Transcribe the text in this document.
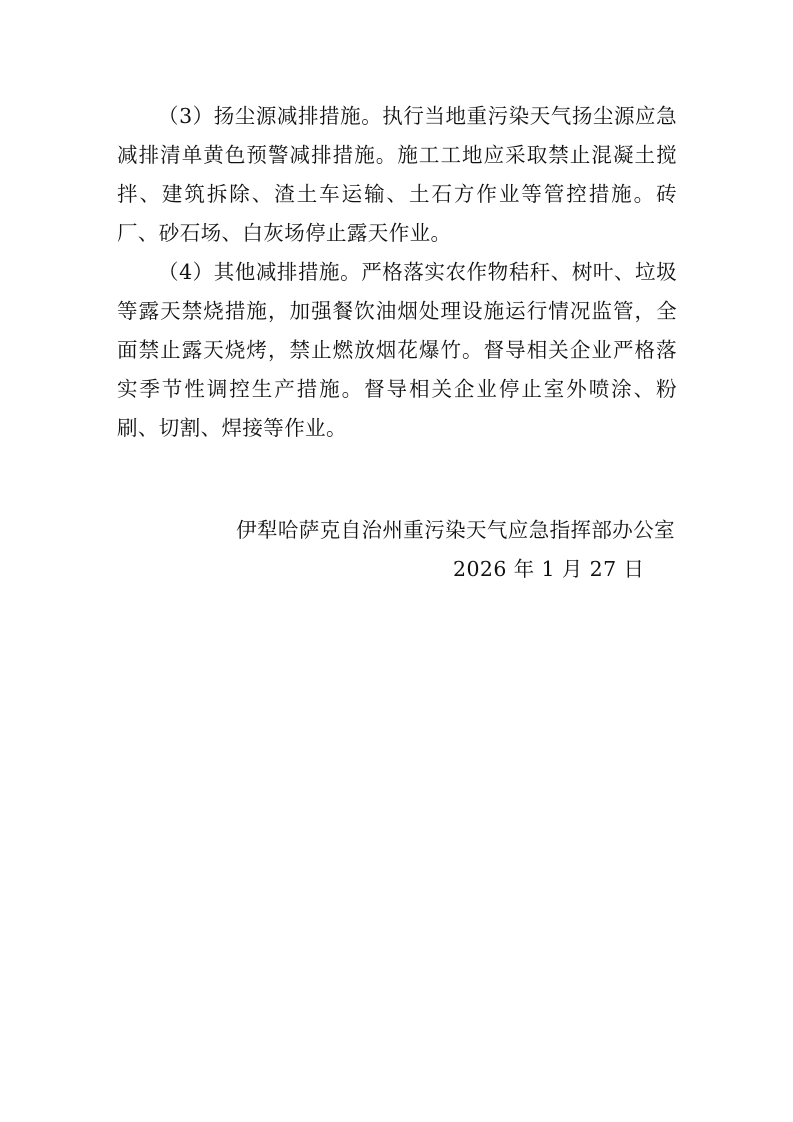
（3）扬尘源减排措施。执行当地重污染天气扬尘源应急减排清单黄色预警减排措施。施工工地应采取禁止混凝土搅拌、建筑拆除、渣土车运输、土石方作业等管控措施。砖厂、砂石场、白灰场停止露天作业。

（4）其他减排措施。严格落实农作物秸秆、树叶、垃圾等露天禁烧措施，加强餐饮油烟处理设施运行情况监管，全面禁止露天烧烤，禁止燃放烟花爆竹。督导相关企业严格落实季节性调控生产措施。督导相关企业停止室外喷涂、粉刷、切割、焊接等作业。

伊犁哈萨克自治州重污染天气应急指挥部办公室

2026 年 1 月 27 日
